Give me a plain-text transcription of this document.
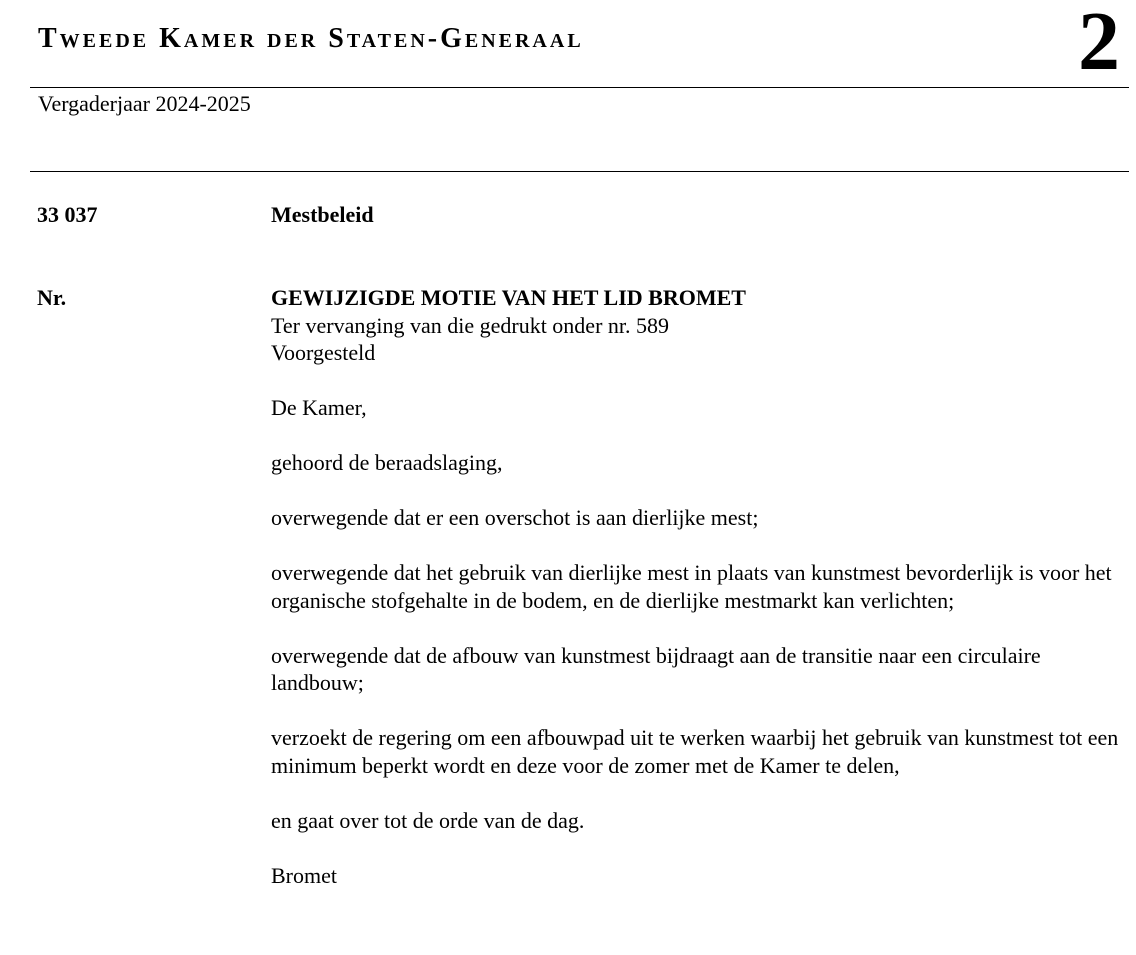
Tweede Kamer der Staten-Generaal	2
Vergaderjaar 2024-2025
33 037	Mestbeleid
Nr.	GEWIJZIGDE MOTIE VAN HET LID BROMET

Ter vervanging van die gedrukt onder nr. 589

Voorgesteld

De Kamer,

gehoord de beraadslaging,

overwegende dat er een overschot is aan dierlijke mest;

overwegende dat het gebruik van dierlijke mest in plaats van kunstmest bevorderlijk is voor het organische stofgehalte in de bodem, en de dierlijke mestmarkt kan verlichten;

overwegende dat de afbouw van kunstmest bijdraagt aan de transitie naar een circulaire landbouw;

verzoekt de regering om een afbouwpad uit te werken waarbij het gebruik van kunstmest tot een minimum beperkt wordt en deze voor de zomer met de Kamer te delen,

en gaat over tot de orde van de dag.

Bromet
